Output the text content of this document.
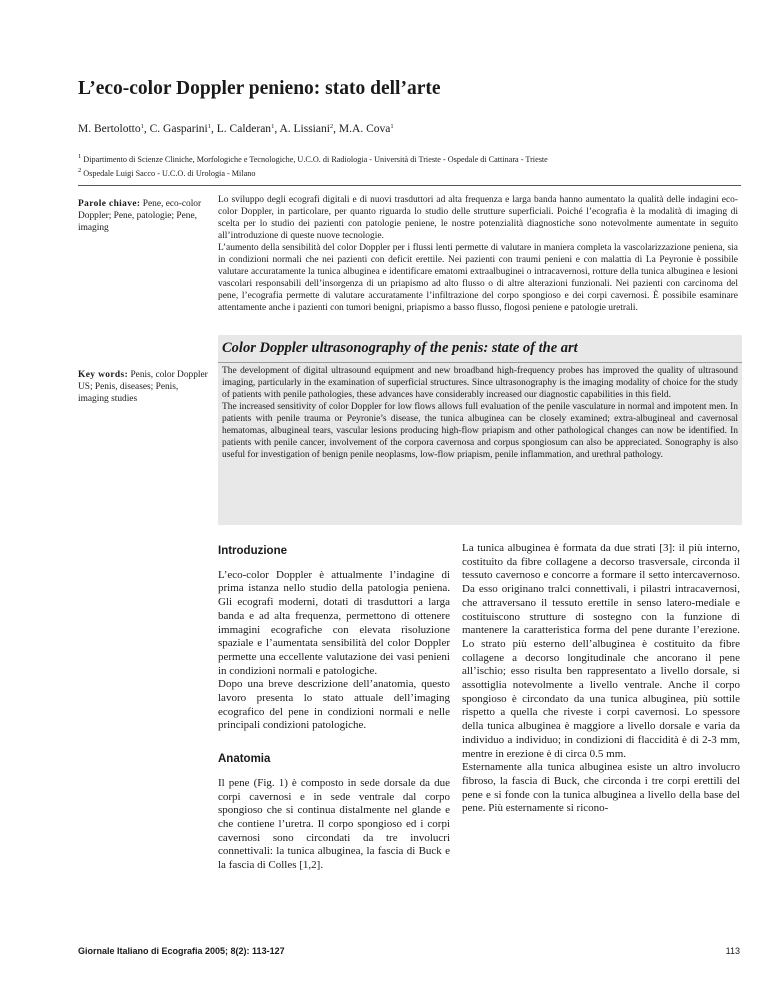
L’eco-color Doppler penieno: stato dell’arte
M. Bertolotto$^1$, C. Gasparini$^1$, L. Calderan$^1$, A. Lissiani$^2$, M.A. Cova$^1$
$^1$ Dipartimento di Scienze Cliniche, Morfologiche e Tecnologiche, U.C.O. di Radiologia - Università di Trieste - Ospedale di Cattinara - Trieste
$^2$ Ospedale Luigi Sacco - U.C.O. di Urologia - Milano
Parole chiave: Pene, eco-color Doppler; Pene, patologie; Pene, imaging

Lo sviluppo degli ecografi digitali e di nuovi trasduttori ad alta frequenza e larga banda hanno aumentato la qualità delle indagini eco-color Doppler, in particolare, per quanto riguarda lo studio delle strutture superficiali. Poiché l’ecografia è la modalità di imaging di scelta per lo studio dei pazienti con patologie peniene, le nostre potenzialità diagnostiche sono notevolmente aumentate in seguito all’introduzione di queste nuove tecnologie.

L’aumento della sensibilità del color Doppler per i flussi lenti permette di valutare in maniera completa la vascolarizzazione peniena, sia in condizioni normali che nei pazienti con deficit erettile. Nei pazienti con traumi penieni e con malattia di La Peyronie è possibile valutare accuratamente la tunica albuginea e identificare ematomi extraalbuginei o intracavernosi, rotture della tunica albuginea e lesioni vascolari responsabili dell’insorgenza di un priapismo ad alto flusso o di altre alterazioni funzionali. Nei pazienti con carcinoma del pene, l’ecografia permette di valutare accuratamente l’infiltrazione del corpo spongioso e dei corpi cavernosi. È possibile esaminare attentamente anche i pazienti con tumori benigni, priapismo a basso flusso, flogosi peniene e patologie uretrali.

Color Doppler ultrasonography of the penis: state of the art
Key words: Penis, color Doppler US; Penis, diseases; Penis, imaging studies

The development of digital ultrasound equipment and new broadband high-frequency probes has improved the quality of ultrasound imaging, particularly in the examination of superficial structures. Since ultrasonography is the imaging modality of choice for the study of patients with penile pathologies, these advances have considerably increased our diagnostic capabilities in this field.

The increased sensitivity of color Doppler for low flows allows full evaluation of the penile vasculature in normal and impotent men. In patients with penile trauma or Peyronie’s disease, the tunica albuginea can be closely examined; extra-albugineal and cavernosal hematomas, albugineal tears, vascular lesions producing high-flow priapism and other pathological changes can now be identified. In patients with penile cancer, involvement of the corpora cavernosa and corpus spongiosum can also be appreciated. Sonography is also useful for investigation of benign penile neoplasms, low-flow priapism, penile inflammation, and urethral pathology.

Introduzione

L’eco-color Doppler è attualmente l’indagine di prima istanza nello studio della patologia peniena. Gli ecografi moderni, dotati di trasduttori a larga banda e ad alta frequenza, permettono di ottenere immagini ecografiche con elevata risoluzione spaziale e l’aumentata sensibilità del color Doppler permette una eccellente valutazione dei vasi penieni in condizioni normali e patologiche.

Dopo una breve descrizione dell’anatomia, questo lavoro presenta lo stato attuale dell’imaging ecografico del pene in condizioni normali e nelle principali condizioni patologiche.

Anatomia

Il pene (Fig. 1) è composto in sede dorsale da due corpi cavernosi e in sede ventrale dal corpo spongioso che si continua distalmente nel glande e che contiene l’uretra. Il corpo spongioso ed i corpi cavernosi sono circondati da tre involucri connettivali: la tunica albuginea, la fascia di Buck e la fascia di Colles [1,2].

La tunica albuginea è formata da due strati [3]: il più interno, costituito da fibre collagene a decorso trasversale, circonda il tessuto cavernoso e concorre a formare il setto intercavernoso. Da esso originano tralci connettivali, i pilastri intracavernosi, che attraversano il tessuto erettile in senso latero-mediale e costituiscono strutture di sostegno con la funzione di mantenere la caratteristica forma del pene durante l’erezione. Lo strato più esterno dell’albuginea è costituito da fibre collagene a decorso longitudinale che ancorano il pene all’ischio; esso risulta ben rappresentato a livello dorsale, si assottiglia notevolmente a livello ventrale. Anche il corpo spongioso è circondato da una tunica albuginea, più sottile rispetto a quella che riveste i corpi cavernosi. Lo spessore della tunica albuginea è maggiore a livello dorsale e varia da individuo a individuo; in condizioni di flaccidità è di 2-3 mm, mentre in erezione è di circa 0.5 mm.

Esternamente alla tunica albuginea esiste un altro involucro fibroso, la fascia di Buck, che circonda i tre corpi erettili del pene e si fonde con la tunica albuginea a livello della base del pene. Più esternamente si ricono-

Giornale Italiano di Ecografia 2005; 8(2): 113-127	113
